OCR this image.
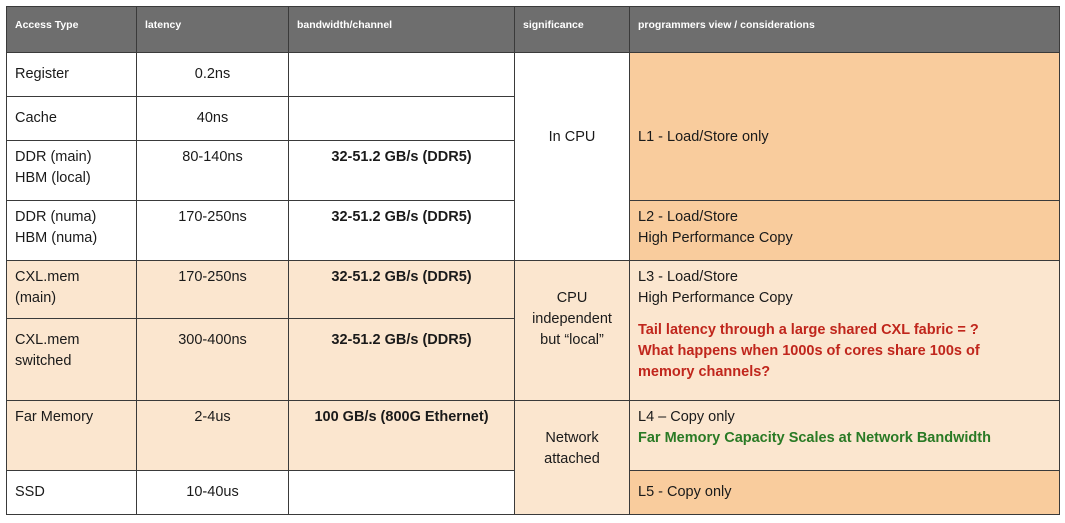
Access Type	latency	bandwidth/channel	significance	programmers view / considerations

Register	0.2ns		In CPU	L1 - Load/Store only

Cache	40ns			

DDR (main)
HBM (local)	80-140ns	32-51.2 GB/s (DDR5)		

DDR (numa)
HBM (numa)	170-250ns	32-51.2 GB/s (DDR5)		L2 - Load/Store
High Performance Copy

CXL.mem
(main)	170-250ns	32-51.2 GB/s (DDR5)	CPU
independent
but “local”	L3 - Load/Store
High Performance Copy
Tail latency through a large shared CXL fabric = ?
What happens when 1000s of cores share 100s of
memory channels?

CXL.mem
switched	300-400ns	32-51.2 GB/s (DDR5)		

Far Memory	2-4us	100 GB/s (800G Ethernet)	Network
attached	L4 – Copy only
Far Memory Capacity Scales at Network Bandwidth

SSD	10-40us			L5 - Copy only
